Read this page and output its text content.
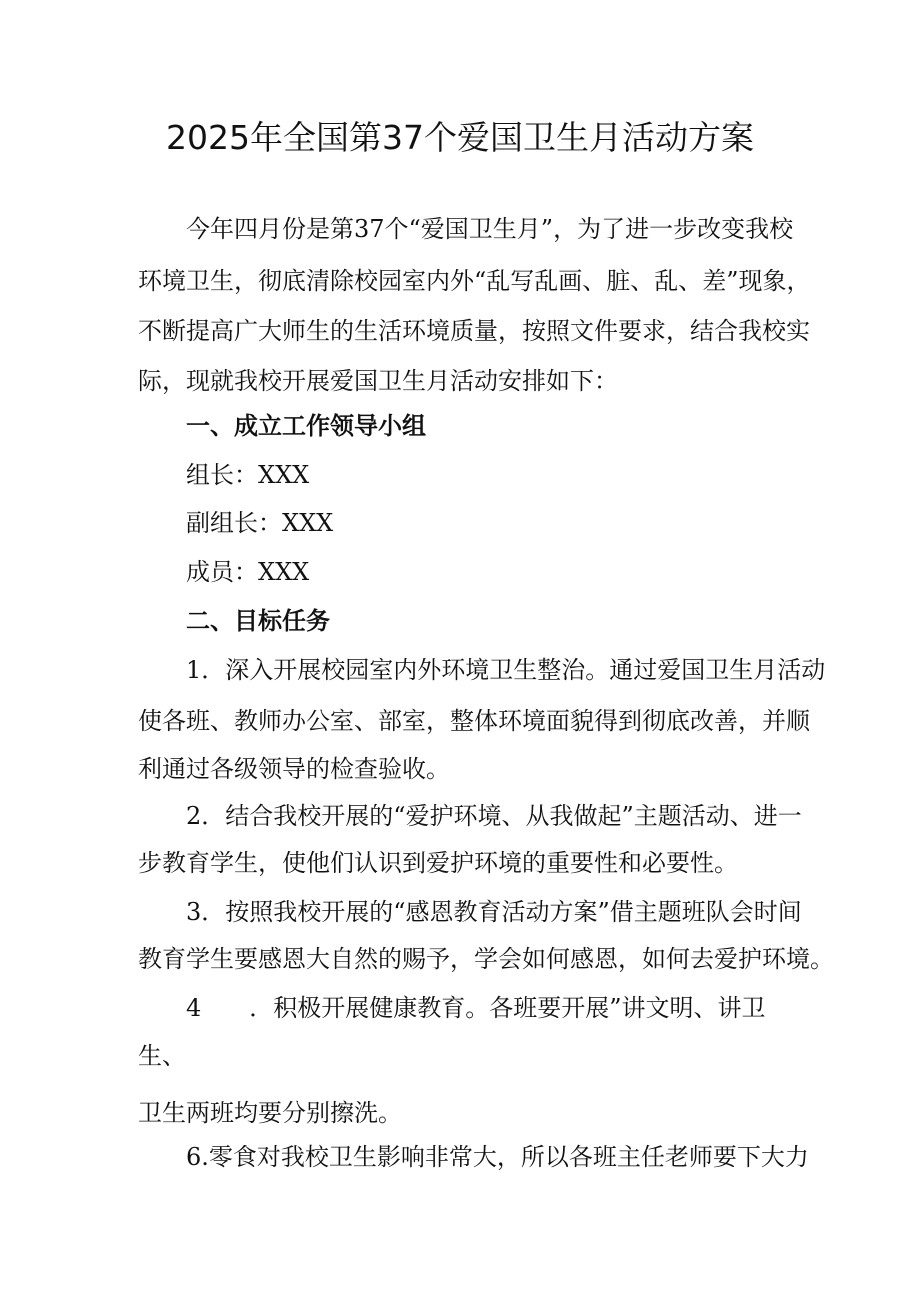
2025年全国第37个爱国卫生月活动方案

今年四月份是第37个“爱国卫生月”，为了进一步改变我校

环境卫生，彻底清除校园室内外“乱写乱画、脏、乱、差”现象，

不断提高广大师生的生活环境质量，按照文件要求，结合我校实

际，现就我校开展爱国卫生月活动安排如下：

一、成立工作领导小组

组长：XXX

副组长：XXX

成员：XXX

二、目标任务

1．深入开展校园室内外环境卫生整治。通过爱国卫生月活动

使各班、教师办公室、部室，整体环境面貌得到彻底改善，并顺

利通过各级领导的检查验收。

2．结合我校开展的“爱护环境、从我做起”主题活动、进一

步教育学生，使他们认识到爱护环境的重要性和必要性。

3．按照我校开展的“感恩教育活动方案”借主题班队会时间

教育学生要感恩大自然的赐予，学会如何感恩，如何去爱护环境。

4　　．积极开展健康教育。各班要开展”讲文明、讲卫

生、

卫生两班均要分别擦洗。

6.零食对我校卫生影响非常大，所以各班主任老师要下大力
